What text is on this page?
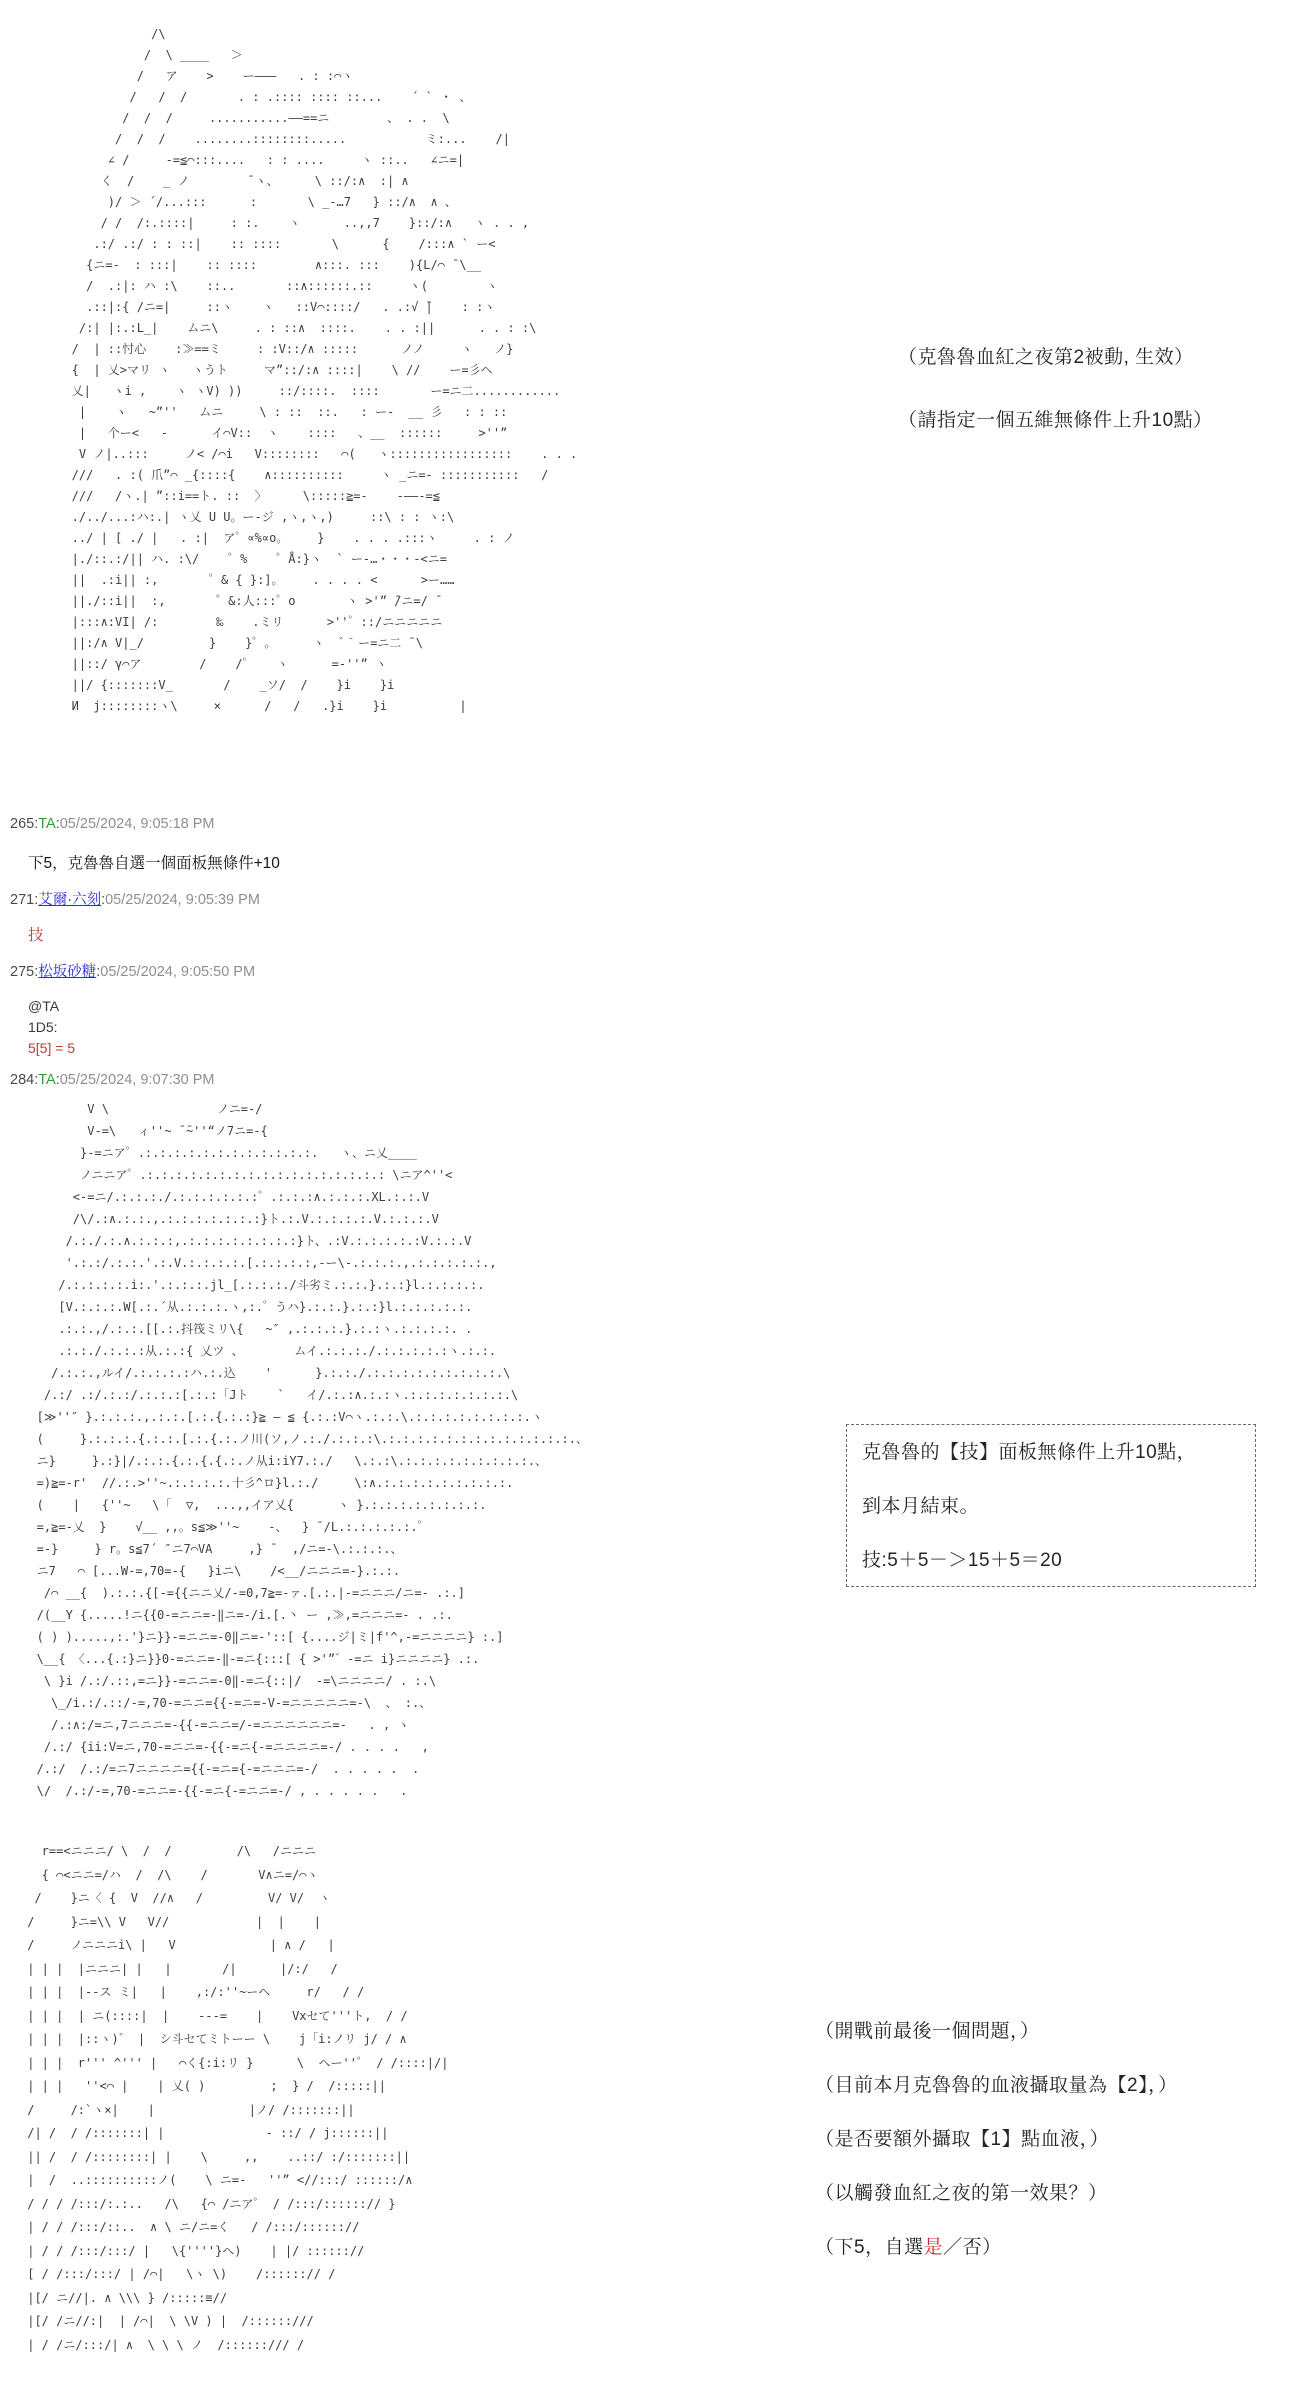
/\
/  \ ____   ＞
/   ア    >    ー―――   . : :⌒ヽ
/   /  /       . : .:::: :::: ::...    ´ ` ・ 、
/  /  /     ...........――==ニ        、 . .  \
/  /  /    ........::::::::.....           ミ:...    /|
∠ /     -=≦⌒:::....   : : ....     ヽ ::..   ∠ニ=|
く  /    _ ノ        ̄ ヽ、     \ ::/:∧  :| ∧
)/ ＞ ´/...:::      :       \ _-…7   } ::/∧  ∧ 、
/ /  /:.::::|     : :.    ヽ      ..,,7    }::/:∧   ヽ . . ,
.:/ .:/ : : ::|    :: ::::       \      {    /:::∧ ` ー<
{ニ=-  : :::|    :: ::::        ∧:::. :::    ){L/⌒ ̄ \__
/  .:|: ハ :\    ::..       ::∧::::::.::     ヽ(        ヽ
.::|:{ /ニ=|     ::ヽ    ヽ   ::V⌒::::/   . .:√ ̄|    : :ヽ
/:| |:.:L_|    ムニ\     . : ::∧  ::::.    . . :||      . . : :\
/  | ::忖心    :≫==ミ     : :V::/∧ :::::      ノノ     ヽ   ノ}
{  | 乂>マリ ヽ   ヽうト     マ”::/:∧ ::::|    \ //    ー=彡ヘ
乂|   ヽi ,    ヽ ヽV) ))     ::/::::.  ::::       ー=ニ二............
|    ヽ   ~”''   ムニ     \ : ::  ::.   : ー-  __ 彡   : : ::
|   个ー<   -      イ⌒V::  ヽ    ::::   、__  ::::::     >''”
V ノ|..:::     ノ< /⌒i   V::::::::   ⌒(   ヽ:::::::::::::::::    . . .
///   . :( 爪”⌒ _{::::{    ∧::::::::::     ヽ _ニ=- :::::::::::   /
///   /ヽ.| ”::i==ト. ::  〉     \:::::≧=-    -――-=≦
./../...:ハ:.| ヽ乂 U U。ー-ジ ,ヽ,ヽ,)     ::\ : : ヽ:\
../ | [ ./ |   . :|  ア゜∝%∝o。    }    . . . .:::ヽ     . : ノ
|./::.:/|| ハ. :\/    ゜%    ゜Å:}ヽ  ` ー-…・・・-<ニ=
||  .:i|| :,       ゜& { }:]。    . . . . <      >ー……
||./::i||  :,       ゜&:人:::゜o       ヽ >'” ̄/ニ=/ ̄
|:::∧:VI| /:        ‰    .ミリ      >''゜::/ニニニニニ
||:/∧ V|_/         }    }゜。     ヽ  ゛̄ ー=ニ二 ̄ \
||::/ γ⌒ア        /    /゜   ヽ      =-''” ヽ
||/ {:::::::V_       /    _ソ/  /    }i    }i
И  j::::::::ヽ\     ×      /   /   .}i    }i          |
（克魯魯血紅之夜第2被動, 生效）
（請指定一個五維無條件上升10點）
265:TA:05/25/2024, 9:05:18 PM
下5，克魯魯自選一個面板無條件+10
271:艾爾·六刻:05/25/2024, 9:05:39 PM
技
275:松坂砂糖:05/25/2024, 9:05:50 PM
@TA
1D5:
5[5] = 5
284:TA:05/25/2024, 9:07:30 PM
V \               ノニ=-/
V-=\   ィ''~ ̄ ̄~''“ノ7ニ=-{
}-=ニア゜.:.:.:.:.:.:.:.:.:.:.:.:.   ヽ、ニ乂____
ノニニア゜.:.:.:.:.:.:.:.:.:.:.:.:.:.:.:.:.: \ニア^''<
<-=ニ/.:.:.:./.:.:.:.:.:.:゜.:.:.:∧.:.:.:.XL.:.:.V
/\/.:∧.:.:.,.:.:.:.:.:.:.:}ト.:.V.:.:.:.:.V.:.:.:.V
/.:./.:.∧.:.:.:,.:.:.:.:.:.:.:.:}ト、.:V.:.:.:.:.:V.:.:.V
'.:.:/.:.:.'.:.V.:.:.:.:.[.:.:.:.:,-ー\-.:.:.:.,.:.:.:.:.:.,
/.:.:.:.:.i:.'.:.:.:.jl_[.:.:.:./斗劣ミ.:.:.}.:.:}l.:.:.:.:.
[V.:.:.:.W[.:.´从.:.:.:.ヽ,:.゜うハ}.:.:.}.:.:}l.:.:.:.:.:.
.:.:.,/.:.:.[[.:.抖筏ミリ\{   ~″ ,.:.:.:.}.:.:ヽ.:.:.:.:. .
.:.:./.:.:.:从.:.:{ 乂ツ 、       ムイ.:.:.:./.:.:.:.:.:ヽ.:.:.
/.:.:.,ルイ/.:.:.:.:ハ.:.込    '      }.:.:./.:.:.:.:.:.:.:.:.:.\
/.:/ .:/.:.:/.:.:.:[.:.:「Jト    `   イ/.:.:∧.:.:ヽ.:.:.:.:.:.:.:.\
[≫''″ }.:.:.:.,.:.:.[.:.{.:.:}≧ – ≦ {.:.:V⌒ヽ.:.:.\.:.:.:.:.:.:.:.:.ヽ
(     }.:.:.:.{.:.:.[.:.{.:.ノ川(ソ,ノ.:./.:.:.:\.:.:.:.:.:.:.:.:.:.:.:.:.:.、
ニ}     }.:}|/.:.:.{.:.{.{.:.ノ从i:iY7.:./   \.:.:\.:.:.:.:.:.:.:.:.:.、
=)≧=-r'  //.:.>''~.:.:.:.:.十彡^ロ}l.:./     \:∧.:.:.:.:.:.:.:.:.:.
(    |   {''~   \「  ▽,  ...,,イア乂{      ヽ }.:.:.:.:.:.:.:.:.
=,≧=-乂  }    √__ ,,。s≦≫''~    -、  } ̄ /L.:.:.:.:.:.゜
=-}     } r。s≦7´ ″ニ7⌒VА     ,} ̄   ,/ニ=-\.:.:.:.、
ニ7   ⌒ [...W-=,70=-{   }iニ\    /<__/ニニニ=-}.:.:.
/⌒ __{  ).:.:.{[-={{ニニ乂/-=0,7≧=-ァ.[.:.|-=ニニニ/ニ=- .:.]
/(__Y {.....!ニ{{0-=ニニ=-‖ニ=-/i.[.丶 ー ,≫,=ニニニ=- . .:.
( ) ).....,:.'}ニ}}-=ニニ=-0‖ニ=-'::[ {....ジ|ミ|f'^,-=ニニニニ} :.]
\__{ 〈...{.:}ニ}}0-=ニニ=-‖-=ニ{:::[ { >'”゛-=ニ i}ニニニニ} .:.
\ }i /.:/.::,=ニ}}-=ニニ=-0‖-=ニ{::|/  -=\ニニニニ/ . :.\
\_/i.:/.::/-=,70-=ニニ={{-=ニ=-V-=ニニニニニ=-\  、 :.、
/.:∧:/=ニ,7ニニニ=-{{-=ニニ=/-=ニニニニニニ=-   . , ヽ
/.:/ {ii:V=ニ,70-=ニニ=-{{-=ニ{-=ニニニニ=-/ . . . .   ,
/.:/  /.:/=ニ7ニニニニ={{-=ニ={-=ニニニ=-/  . . . . .  .
\/  /.:/-=,70-=ニニ=-{{-=ニ{-=ニニ=-/ , . . . . .   .
克魯魯的【技】面板無條件上升10點，
到本月結束。
技:5＋5－＞15＋5＝20
r==<ニニニ/ \  /  /         /\   /ニニニ
{ ⌒<ニニ=/ハ  /  /\    /       V∧ニ=/⌒ヽ
/    }ニ〈 {  V  //∧   /         V/ V/  ヽ
/     }ニ=\\ V   V//            |  |    |
/     ノニニニi\ |   V             | ∧ /   |
| | |  |ニニニ| |   |       /|      |/:/   /
| | |  |--ス ミ|   |    ,:/:''~ーヘ     r/   / /
| | |  | ニ(::::|  |    ---=    |    Vxセて'''ト,  / /
| | |  |::ヽ)゛ |  シ斗セてミトーー \    j「i:ノリ j/ / ∧
| | |  r''' ^''' |   ⌒く{:i:リ }      \  ヘー''゜ / /::::|/|
| | |   ''<⌒ |    | 乂( )         ;  } /  /:::::||
/     /:`ヽ×|    |             |ノ/ /:::::::||
/| /  / /:::::::| |              - ::/ / j::::::||
|| /  / /::::::::| |    \     ,,    ..::/ :/:::::::||
|  /  ..::::::::::ノ(    \ ニ=-   ''” <//:::/ ::::::/∧
/ / / /:::/:.:..   /\   {⌒ /ニア゜ / /:::/::::::// }
| / / /:::/::..  ∧ \ ニ/ニ=く   / /:::/:::::://
| / / /:::/:::/ |   \{''''}ヘ)    | |/ :::::://
[ / /:::/:::/ | /⌒|   \ヽ \)    /::::::// /
|[/ ニ//|. ∧ \\\ } /:::::≡//
|[/ /ニ//:|  | /⌒|  \ \V ) |  /::::::///
| / /ニ/:::/| ∧  \ \ \ ノ  /::::::/// /
（開戰前最後一個問題，）
（目前本月克魯魯的血液攝取量為【2】，）
（是否要額外攝取【1】點血液，）
（以觸發血紅之夜的第一效果？）
（下5，自選是／否）
